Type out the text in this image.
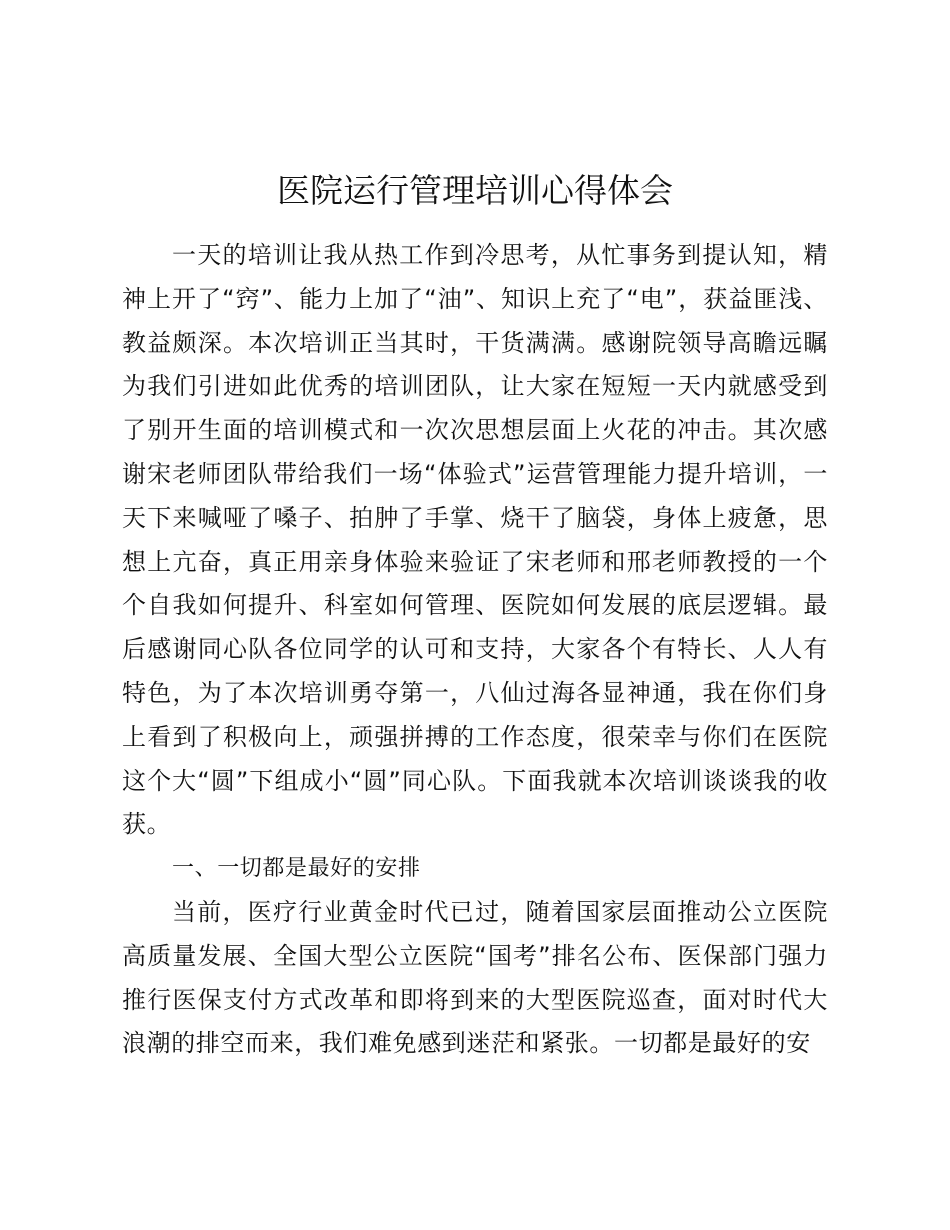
医院运行管理培训心得体会

一天的培训让我从热工作到冷思考，从忙事务到提认知，精神上开了“窍”、能力上加了“油”、知识上充了“电”，获益匪浅、教益颇深。本次培训正当其时，干货满满。感谢院领导高瞻远瞩为我们引进如此优秀的培训团队，让大家在短短一天内就感受到了别开生面的培训模式和一次次思想层面上火花的冲击。其次感谢宋老师团队带给我们一场“体验式”运营管理能力提升培训，一天下来喊哑了嗓子、拍肿了手掌、烧干了脑袋，身体上疲惫，思想上亢奋，真正用亲身体验来验证了宋老师和邢老师教授的一个个自我如何提升、科室如何管理、医院如何发展的底层逻辑。最后感谢同心队各位同学的认可和支持，大家各个有特长、人人有特色，为了本次培训勇夺第一，八仙过海各显神通，我在你们身上看到了积极向上，顽强拼搏的工作态度，很荣幸与你们在医院这个大“圆”下组成小“圆”同心队。下面我就本次培训谈谈我的收获。

一、一切都是最好的安排

当前，医疗行业黄金时代已过，随着国家层面推动公立医院高质量发展、全国大型公立医院“国考”排名公布、医保部门强力推行医保支付方式改革和即将到来的大型医院巡查，面对时代大浪潮的排空而来，我们难免感到迷茫和紧张。一切都是最好的安
